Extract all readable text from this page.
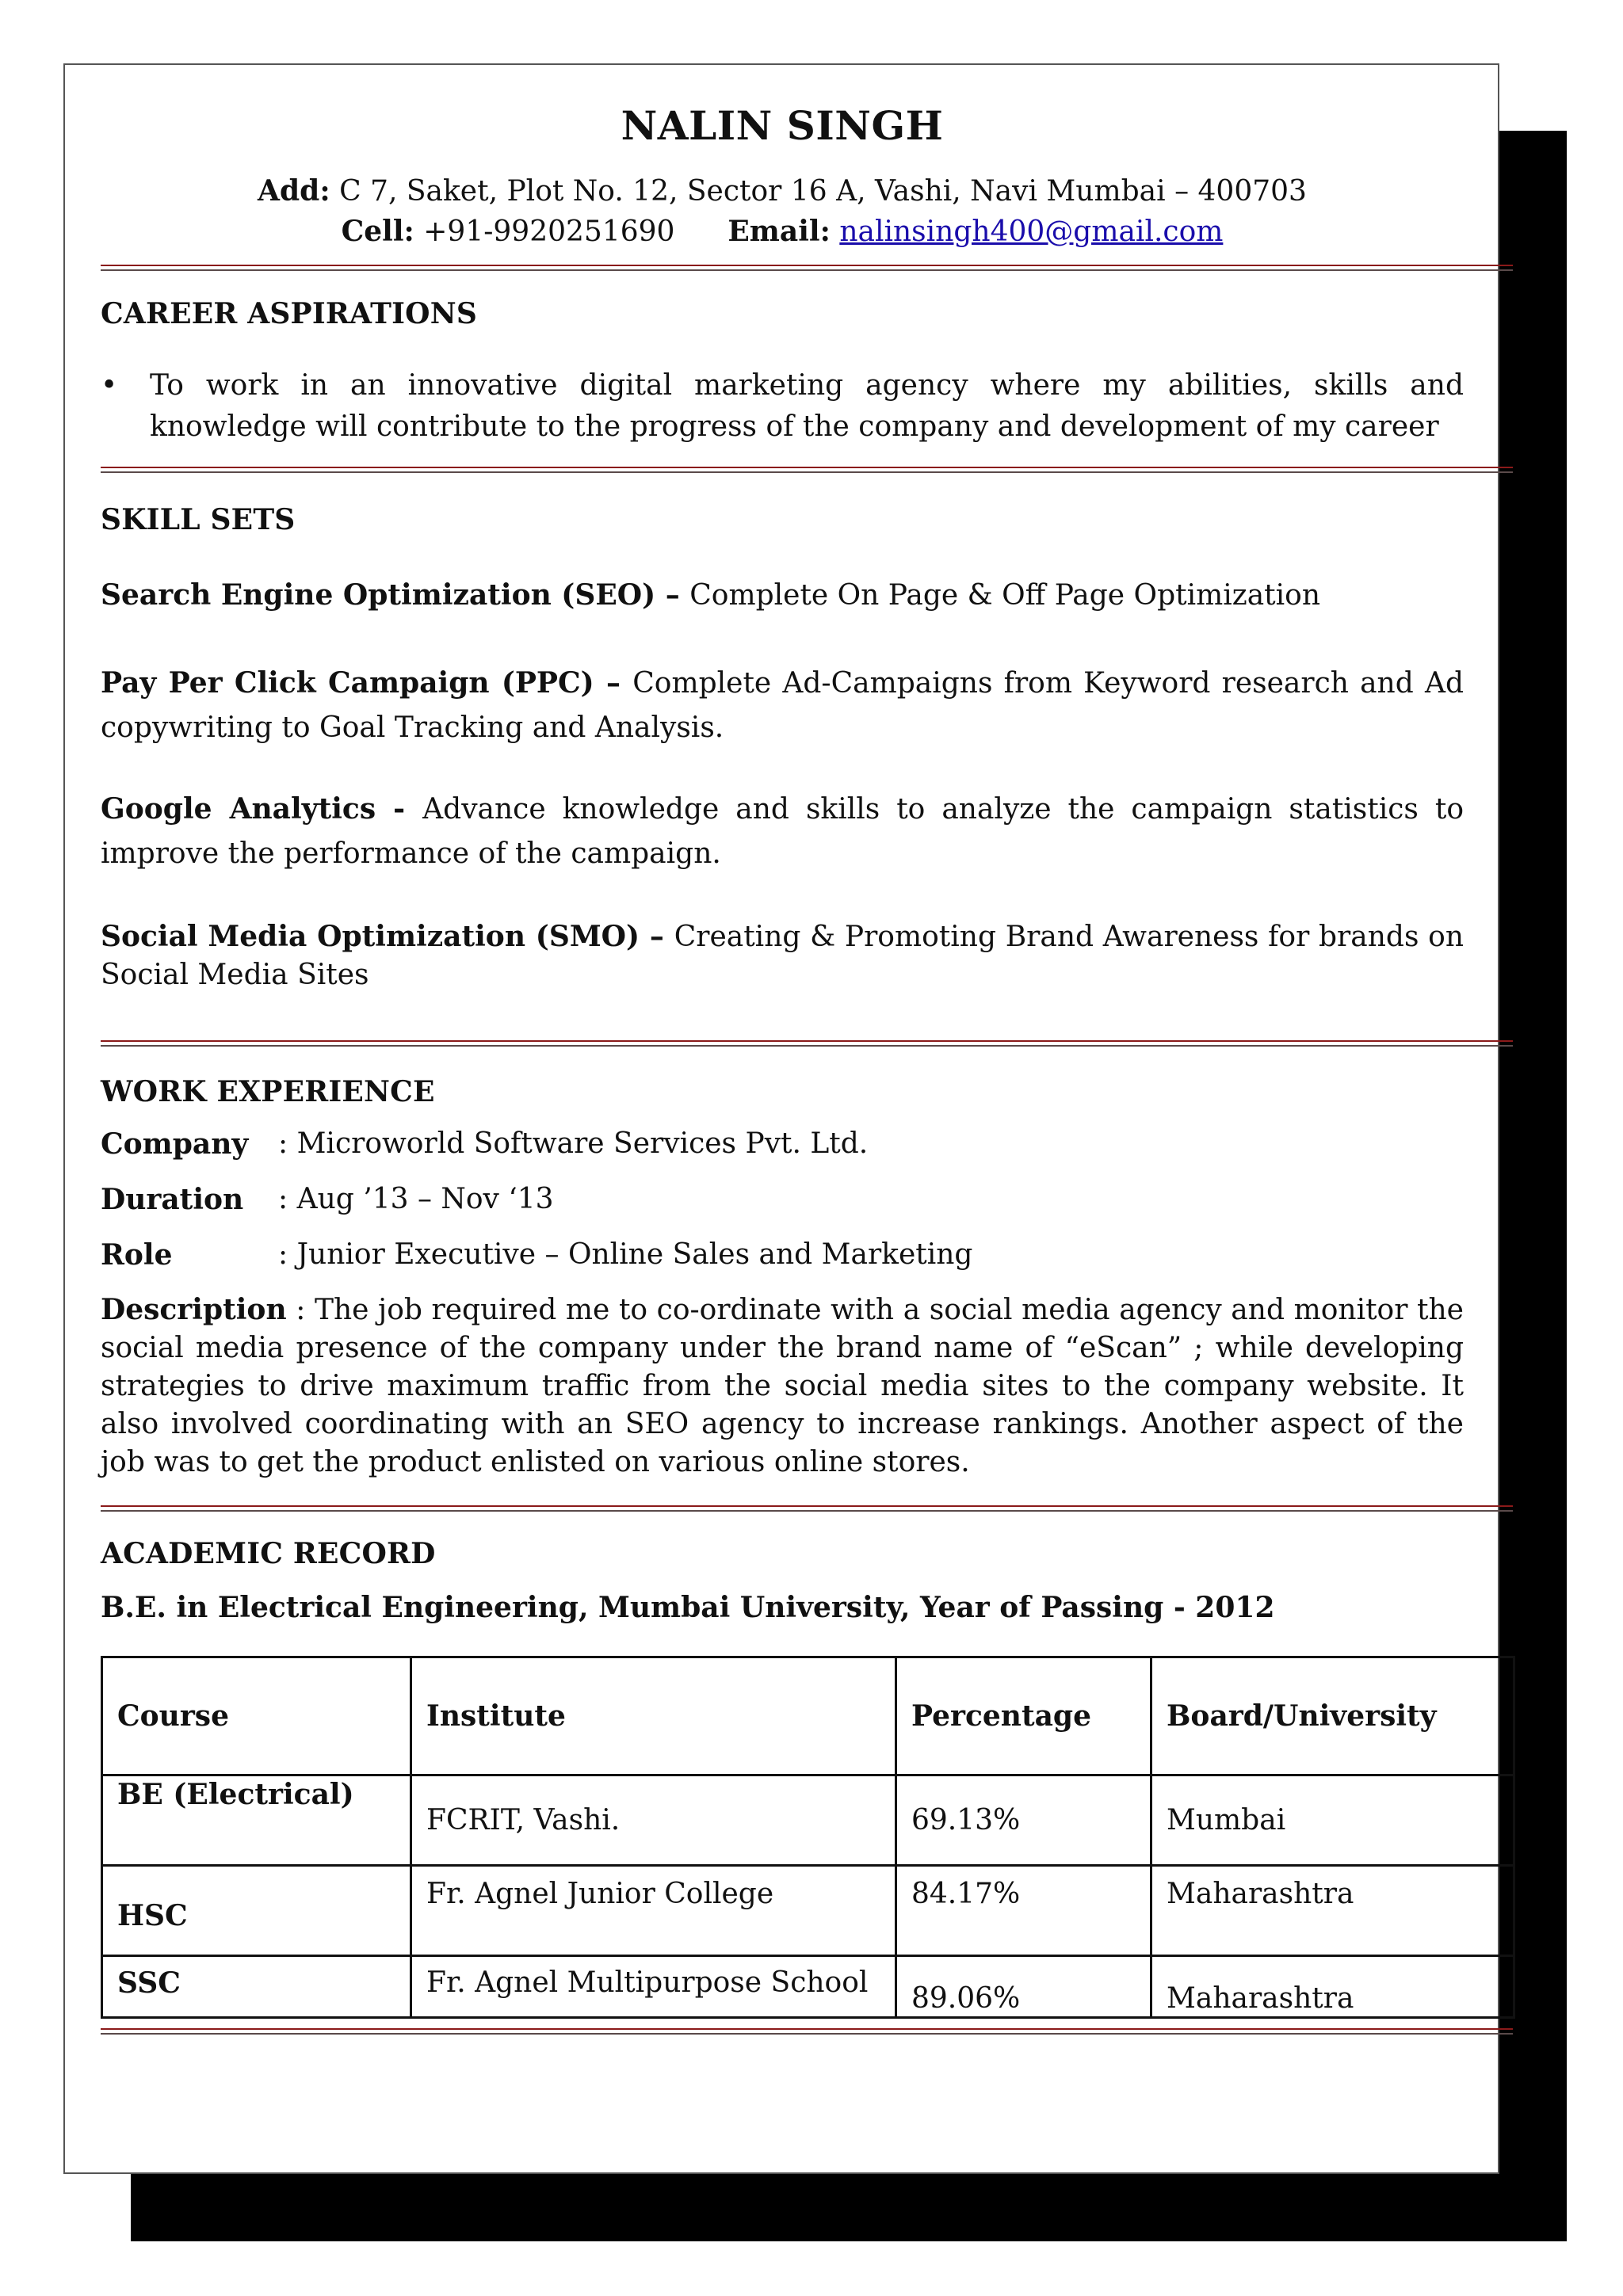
NALIN SINGH
Add: C 7, Saket, Plot No. 12, Sector 16 A, Vashi, Navi Mumbai – 400703
Cell: +91-9920251690 Email: nalinsingh400@gmail.com
CAREER ASPIRATIONS
•	To work in an innovative digital marketing agency where my abilities, skills and knowledge will contribute to the progress of the company and development of my career
SKILL SETS

Search Engine Optimization (SEO) – Complete On Page & Off Page Optimization

Pay Per Click Campaign (PPC) – Complete Ad-Campaigns from Keyword research and Ad copywriting to Goal Tracking and Analysis.

Google Analytics - Advance knowledge and skills to analyze the campaign statistics to improve the performance of the campaign.

Social Media Optimization (SMO) – Creating & Promoting Brand Awareness for brands on Social Media Sites

WORK EXPERIENCE
Company	: Microworld Software Services Pvt. Ltd.
Duration	: Aug ’13 – Nov ‘13
Role	: Junior Executive – Online Sales and Marketing

Description : The job required me to co-ordinate with a social media agency and monitor the social media presence of the company under the brand name of “eScan” ; while developing strategies to drive maximum traffic from the social media sites to the company website. It also involved coordinating with an SEO agency to increase rankings. Another aspect of the job was to get the product enlisted on various online stores.

ACADEMIC RECORD
B.E. in Electrical Engineering, Mumbai University, Year of Passing - 2012
Course	Institute	Percentage	Board/University
BE (Electrical)	FCRIT, Vashi.	69.13%	Mumbai
HSC	Fr. Agnel Junior College	84.17%	Maharashtra
SSC	Fr. Agnel Multipurpose School	89.06%	Maharashtra
